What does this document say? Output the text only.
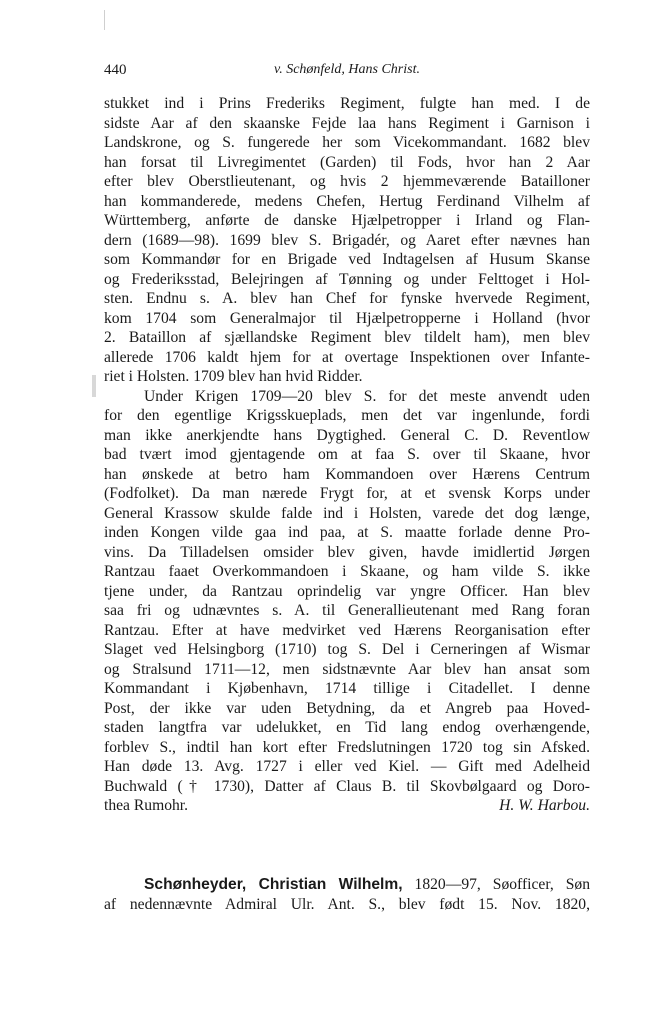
440	v. Schønfeld, Hans Christ.
stukket ind i Prins Frederiks Regiment, fulgte han med. I de
sidste Aar af den skaanske Fejde laa hans Regiment i Garnison i
Landskrone, og S. fungerede her som Vicekommandant. 1682 blev
han forsat til Livregimentet (Garden) til Fods, hvor han 2 Aar
efter blev Oberstlieutenant, og hvis 2 hjemmeværende Batailloner
han kommanderede, medens Chefen, Hertug Ferdinand Vilhelm af
Württemberg, anførte de danske Hjælpetropper i Irland og Flan-
dern (1689—98). 1699 blev S. Brigadér, og Aaret efter nævnes han
som Kommandør for en Brigade ved Indtagelsen af Husum Skanse
og Frederiksstad, Belejringen af Tønning og under Felttoget i Hol-
sten. Endnu s. A. blev han Chef for fynske hvervede Regiment,
kom 1704 som Generalmajor til Hjælpetropperne i Holland (hvor
2. Bataillon af sjællandske Regiment blev tildelt ham), men blev
allerede 1706 kaldt hjem for at overtage Inspektionen over Infante-
riet i Holsten. 1709 blev han hvid Ridder.
Under Krigen 1709—20 blev S. for det meste anvendt uden
for den egentlige Krigsskueplads, men det var ingenlunde, fordi
man ikke anerkjendte hans Dygtighed. General C. D. Reventlow
bad tvært imod gjentagende om at faa S. over til Skaane, hvor
han ønskede at betro ham Kommandoen over Hærens Centrum
(Fodfolket). Da man nærede Frygt for, at et svensk Korps under
General Krassow skulde falde ind i Holsten, varede det dog længe,
inden Kongen vilde gaa ind paa, at S. maatte forlade denne Pro-
vins. Da Tilladelsen omsider blev given, havde imidlertid Jørgen
Rantzau faaet Overkommandoen i Skaane, og ham vilde S. ikke
tjene under, da Rantzau oprindelig var yngre Officer. Han blev
saa fri og udnævntes s. A. til Generallieutenant med Rang foran
Rantzau. Efter at have medvirket ved Hærens Reorganisation efter
Slaget ved Helsingborg (1710) tog S. Del i Cerneringen af Wismar
og Stralsund 1711—12, men sidstnævnte Aar blev han ansat som
Kommandant i Kjøbenhavn, 1714 tillige i Citadellet. I denne
Post, der ikke var uden Betydning, da et Angreb paa Hoved-
staden langtfra var udelukket, en Tid lang endog overhængende,
forblev S., indtil han kort efter Fredslutningen 1720 tog sin Afsked.
Han døde 13. Avg. 1727 i eller ved Kiel. — Gift med Adelheid
Buchwald († 1730), Datter af Claus B. til Skovbølgaard og Doro-
thea Rumohr.	H. W. Harbou.
Schønheyder, Christian Wilhelm, 1820—97, Søofficer, Søn
af nedennævnte Admiral Ulr. Ant. S., blev født 15. Nov. 1820,
